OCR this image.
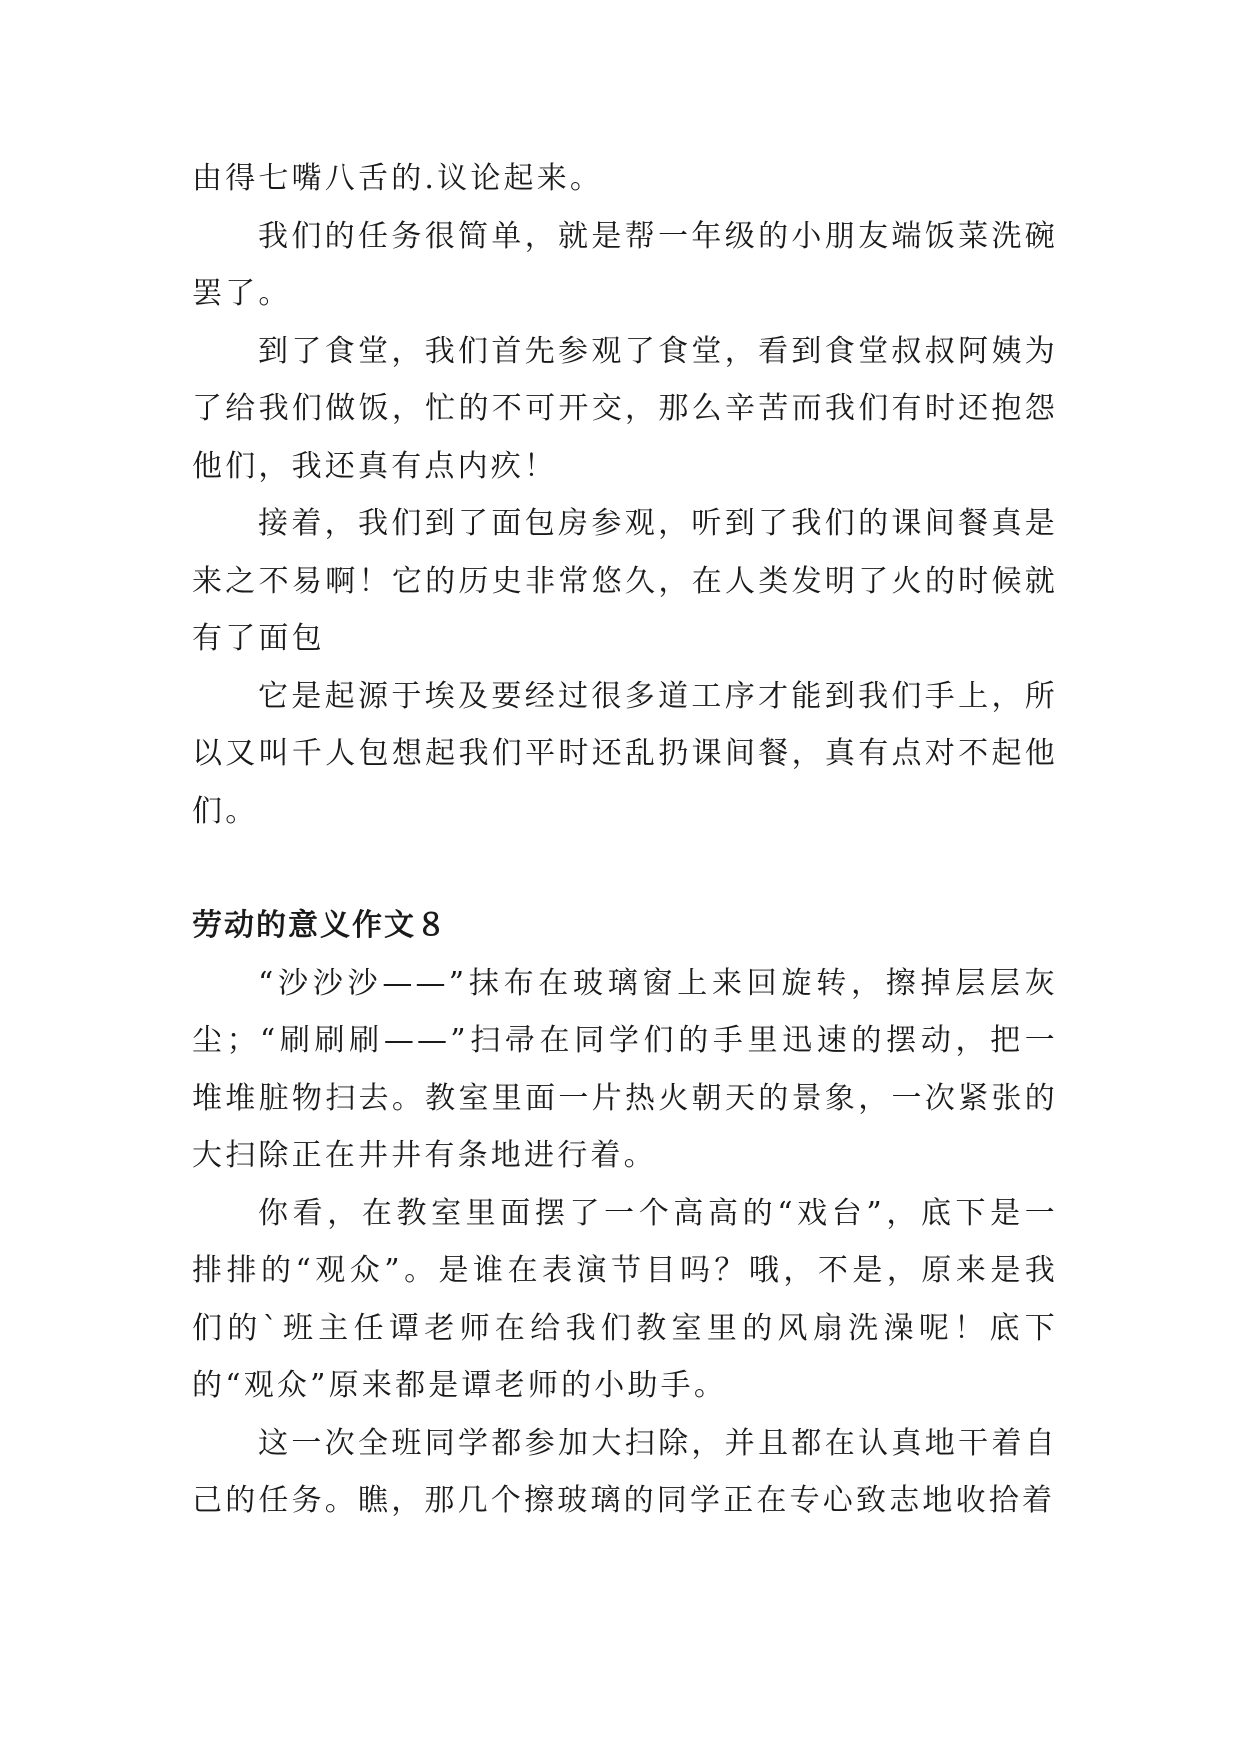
由得七嘴八舌的.议论起来。

我们的任务很简单，就是帮一年级的小朋友端饭菜洗碗罢了。

到了食堂，我们首先参观了食堂，看到食堂叔叔阿姨为了给我们做饭，忙的不可开交，那么辛苦而我们有时还抱怨他们，我还真有点内疚！

接着，我们到了面包房参观，听到了我们的课间餐真是来之不易啊！它的历史非常悠久，在人类发明了火的时候就有了面包

它是起源于埃及要经过很多道工序才能到我们手上，所以又叫千人包想起我们平时还乱扔课间餐，真有点对不起他们。

劳动的意义作文８

“沙沙沙——”抹布在玻璃窗上来回旋转，擦掉层层灰尘；“刷刷刷——”扫帚在同学们的手里迅速的摆动，把一堆堆脏物扫去。教室里面一片热火朝天的景象，一次紧张的大扫除正在井井有条地进行着。

你看，在教室里面摆了一个高高的“戏台”，底下是一排排的“观众”。是谁在表演节目吗？哦，不是，原来是我们的`班主任谭老师在给我们教室里的风扇洗澡呢！底下的“观众”原来都是谭老师的小助手。

这一次全班同学都参加大扫除，并且都在认真地干着自己的任务。瞧，那几个擦玻璃的同学正在专心致志地收拾着
